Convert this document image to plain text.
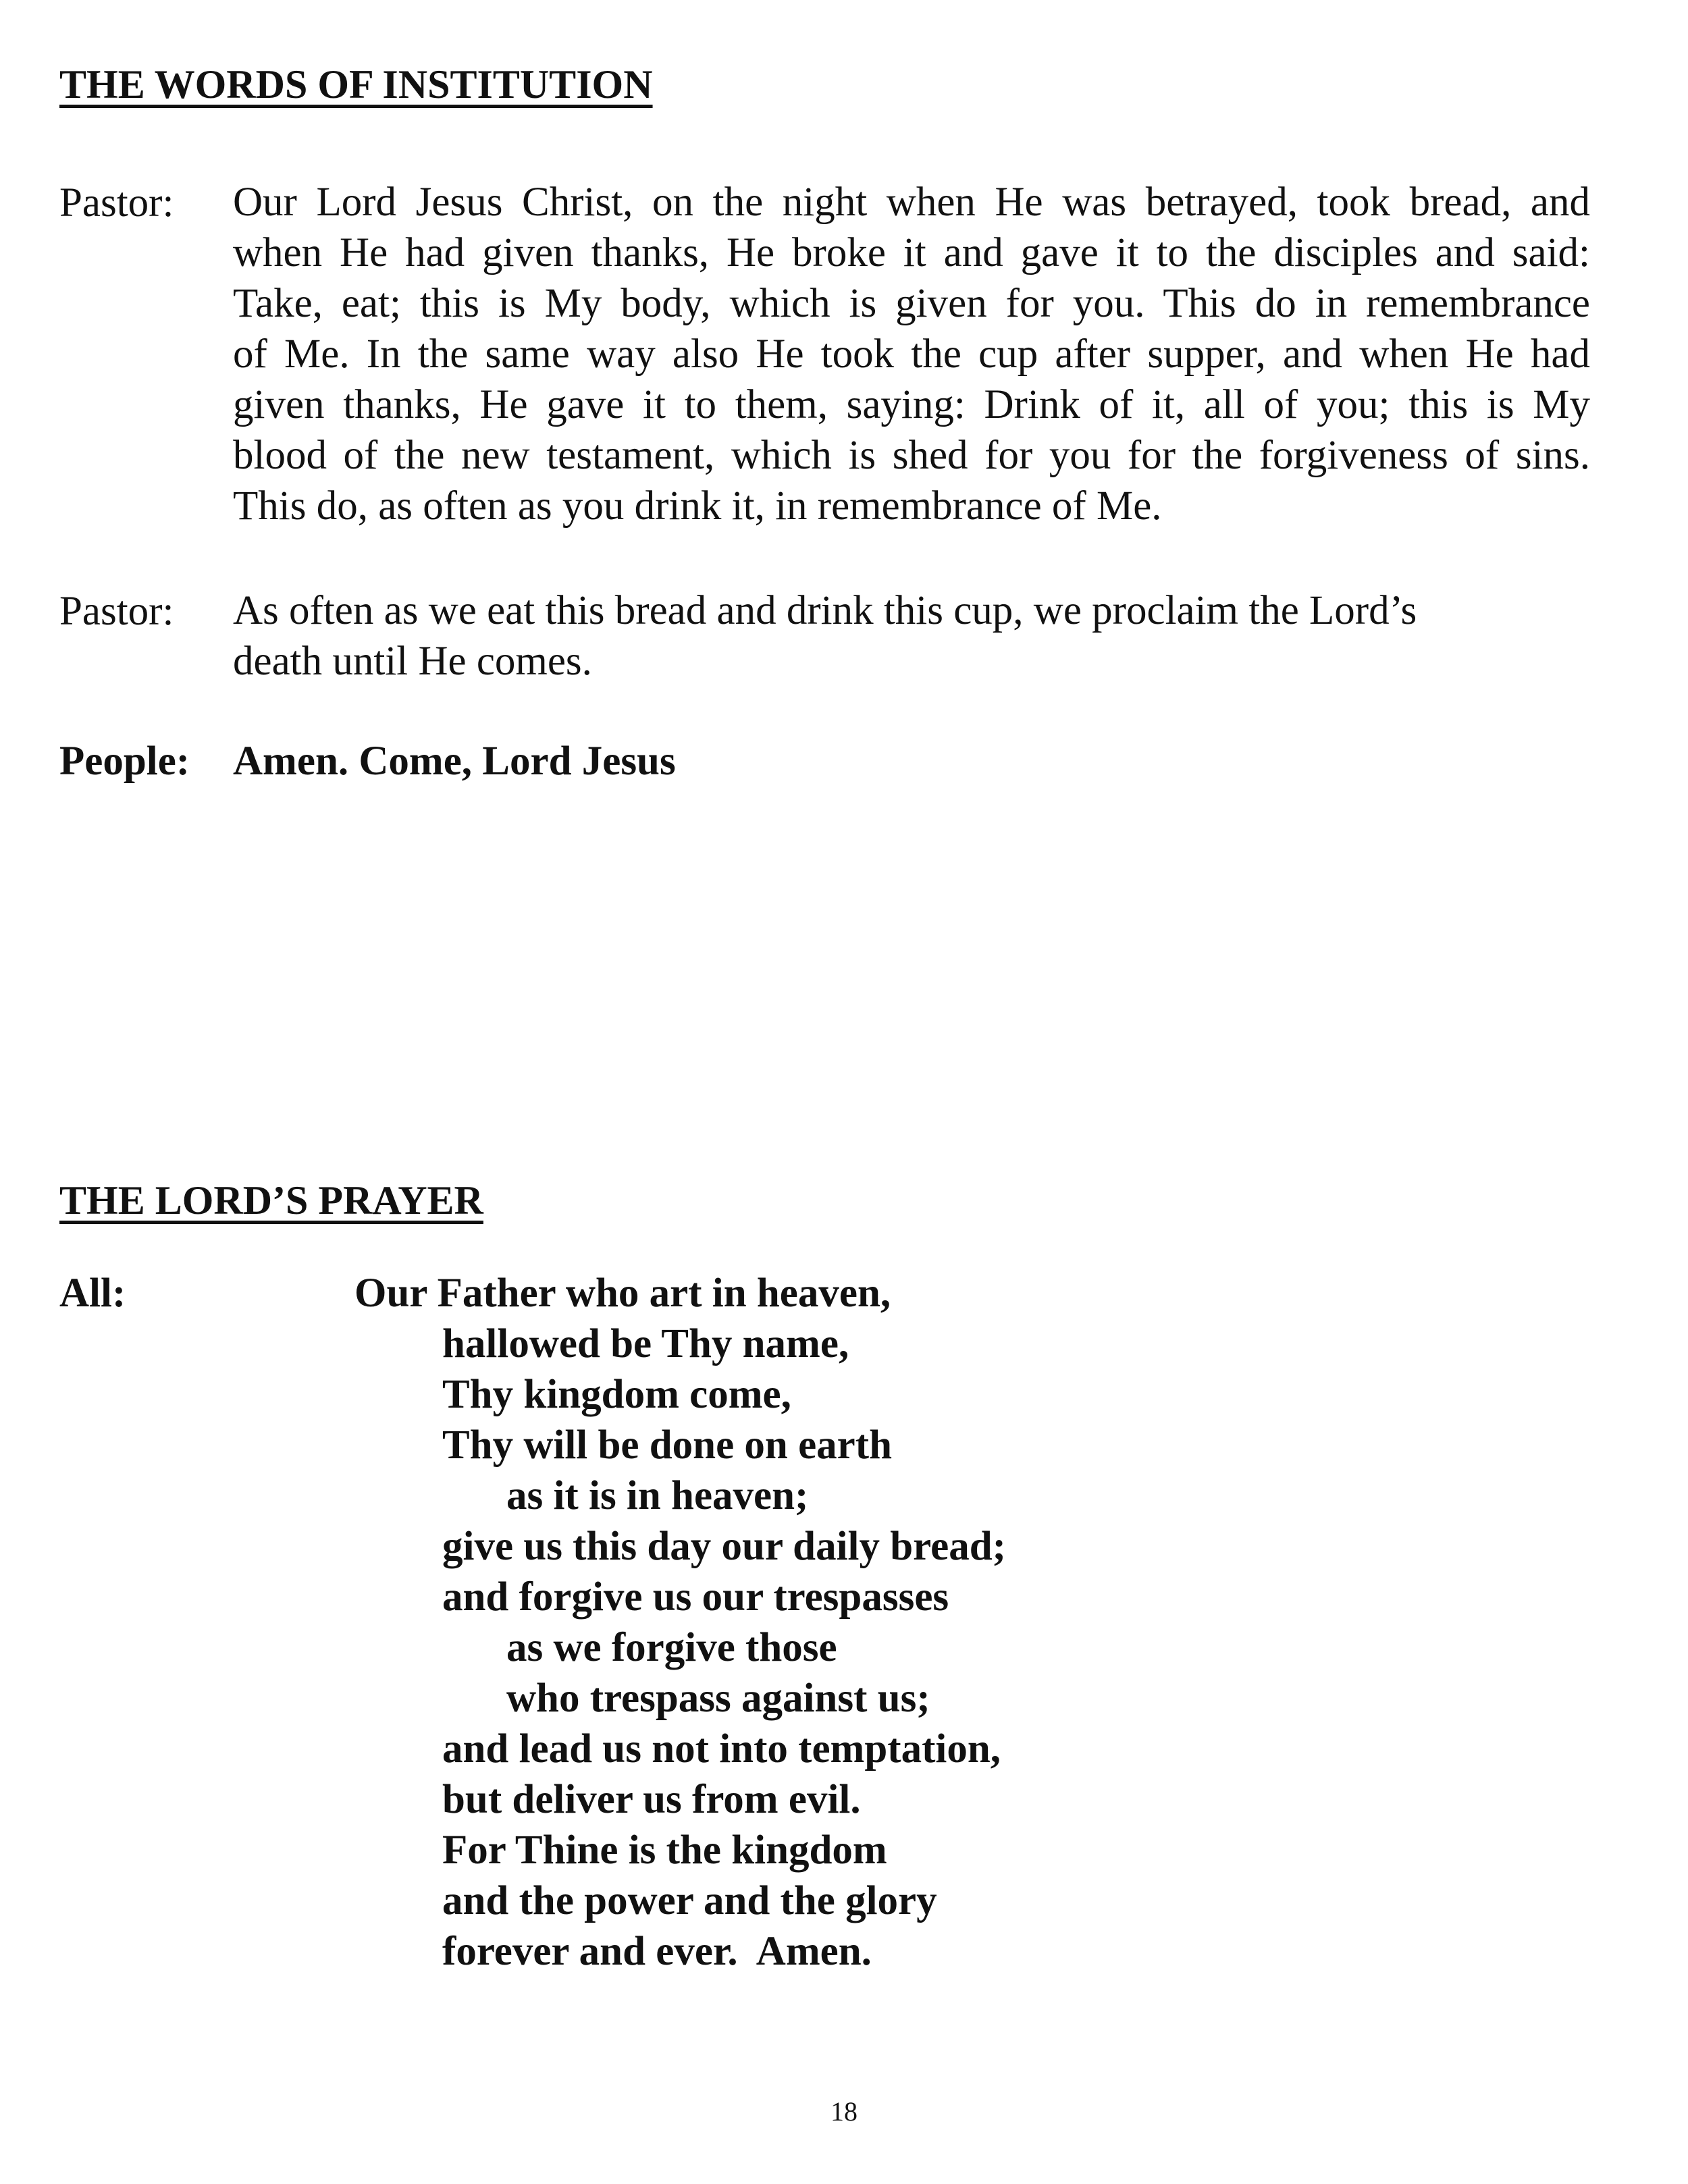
THE WORDS OF INSTITUTION
Pastor: Our Lord Jesus Christ, on the night when He was betrayed, took bread, and
when He had given thanks, He broke it and gave it to the disciples and said:
Take, eat; this is My body, which is given for you. This do in remembrance
of Me. In the same way also He took the cup after supper, and when He had
given thanks, He gave it to them, saying: Drink of it, all of you; this is My
blood of the new testament, which is shed for you for the forgiveness of sins.
This do, as often as you drink it, in remembrance of Me.
Pastor: As often as we eat this bread and drink this cup, we proclaim the Lord’s
death until He comes.
People: Amen. Come, Lord Jesus
THE LORD’S PRAYER
All:	Our Father who art in heaven,
hallowed be Thy name,
Thy kingdom come,
Thy will be done on earth
as it is in heaven;
give us this day our daily bread;
and forgive us our trespasses
as we forgive those
who trespass against us;
and lead us not into temptation,
but deliver us from evil.
For Thine is the kingdom
and the power and the glory
forever and ever.  Amen.
18
